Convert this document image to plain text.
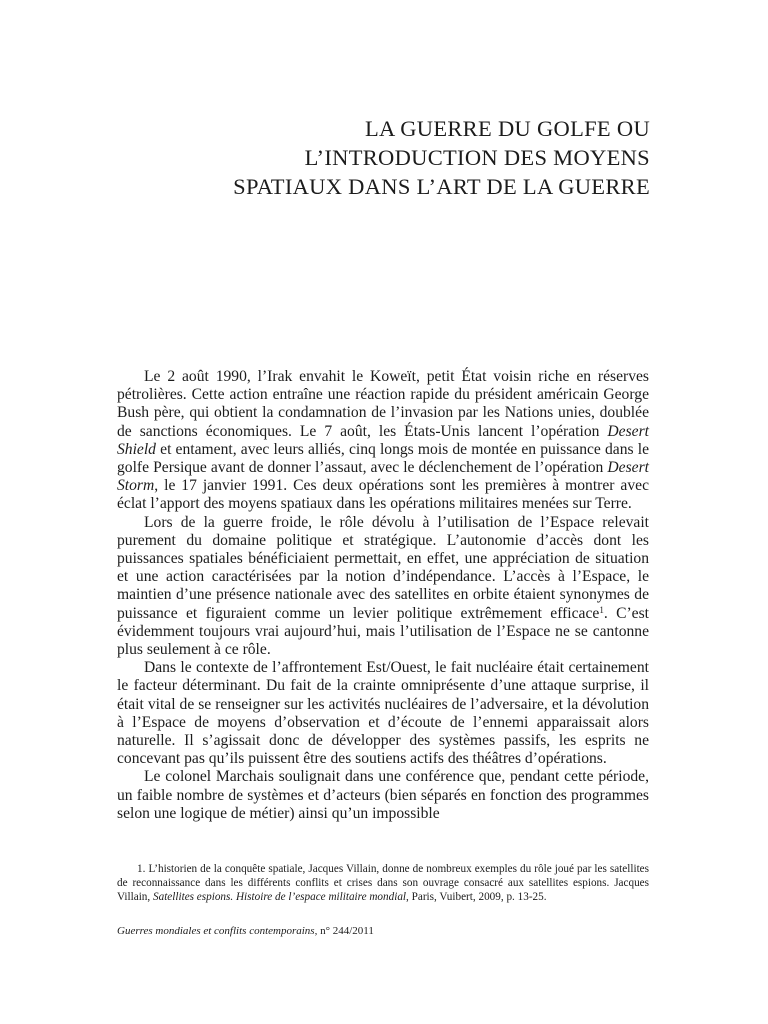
LA GUERRE DU GOLFE OU
L’INTRODUCTION DES MOYENS
SPATIAUX DANS L’ART DE LA GUERRE

Le 2 août 1990, l’Irak envahit le Koweït, petit État voisin riche en réserves pétrolières. Cette action entraîne une réaction rapide du président américain George Bush père, qui obtient la condamnation de l’invasion par les Nations unies, doublée de sanctions économiques. Le 7 août, les États-Unis lancent l’opération Desert Shield et entament, avec leurs alliés, cinq longs mois de montée en puissance dans le golfe Persique avant de donner l’assaut, avec le déclenchement de l’opération Desert Storm, le 17 janvier 1991. Ces deux opérations sont les premières à montrer avec éclat l’apport des moyens spatiaux dans les opérations militaires menées sur Terre.

Lors de la guerre froide, le rôle dévolu à l’utilisation de l’Espace relevait purement du domaine politique et stratégique. L’autonomie d’accès dont les puissances spatiales bénéficiaient permettait, en effet, une appréciation de situation et une action caractérisées par la notion d’indépendance. L’accès à l’Espace, le maintien d’une présence nationale avec des satellites en orbite étaient synonymes de puissance et figuraient comme un levier politique extrêmement efficace$^1$. C’est évidemment toujours vrai aujourd’hui, mais l’utilisation de l’Espace ne se cantonne plus seulement à ce rôle.

Dans le contexte de l’affrontement Est/Ouest, le fait nucléaire était certainement le facteur déterminant. Du fait de la crainte omniprésente d’une attaque surprise, il était vital de se renseigner sur les activités nucléaires de l’adversaire, et la dévolution à l’Espace de moyens d’observation et d’écoute de l’ennemi apparaissait alors naturelle. Il s’agissait donc de développer des systèmes passifs, les esprits ne concevant pas qu’ils puissent être des soutiens actifs des théâtres d’opérations.

Le colonel Marchais soulignait dans une conférence que, pendant cette période, un faible nombre de systèmes et d’acteurs (bien séparés en fonction des programmes selon une logique de métier) ainsi qu’un impossible

1. L’historien de la conquête spatiale, Jacques Villain, donne de nombreux exemples du rôle joué par les satellites de reconnaissance dans les différents conflits et crises dans son ouvrage consacré aux satellites espions. Jacques Villain, Satellites espions. Histoire de l’espace militaire mondial, Paris, Vuibert, 2009, p. 13-25.

Guerres mondiales et conflits contemporains, n° 244/2011
